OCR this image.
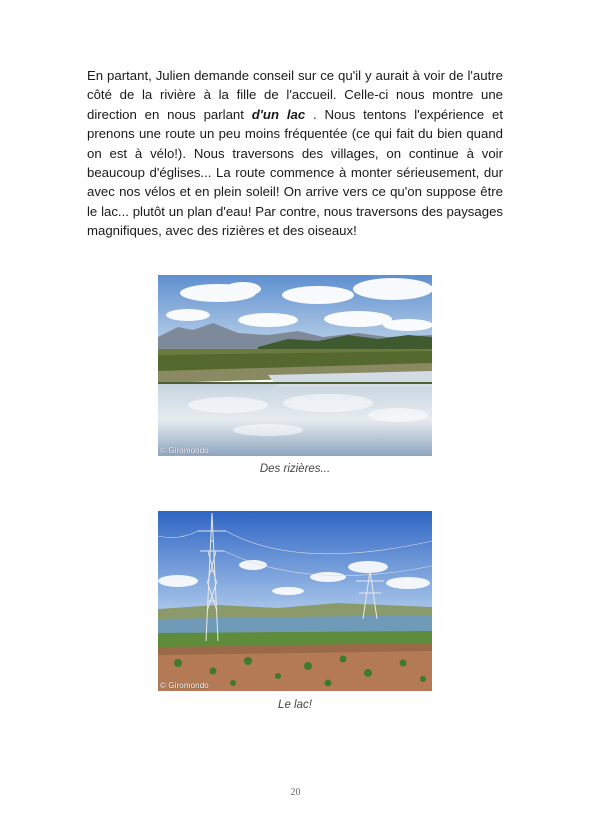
En partant, Julien demande conseil sur ce qu'il y aurait à voir de l'autre côté de la rivière à la fille de l'accueil. Celle-ci nous montre une direction en nous parlant d'un lac . Nous tentons l'expérience et prenons une route un peu moins fréquentée (ce qui fait du bien quand on est à vélo!). Nous traversons des villages, on continue à voir beaucoup d'églises... La route commence à monter sérieusement, dur avec nos vélos et en plein soleil! On arrive vers ce qu'on suppose être le lac... plutôt un plan d'eau! Par contre, nous traversons des paysages magnifiques, avec des rizières et des oiseaux!

© Giromondo
Des rizières...
© Giromondo
Le lac!
20
